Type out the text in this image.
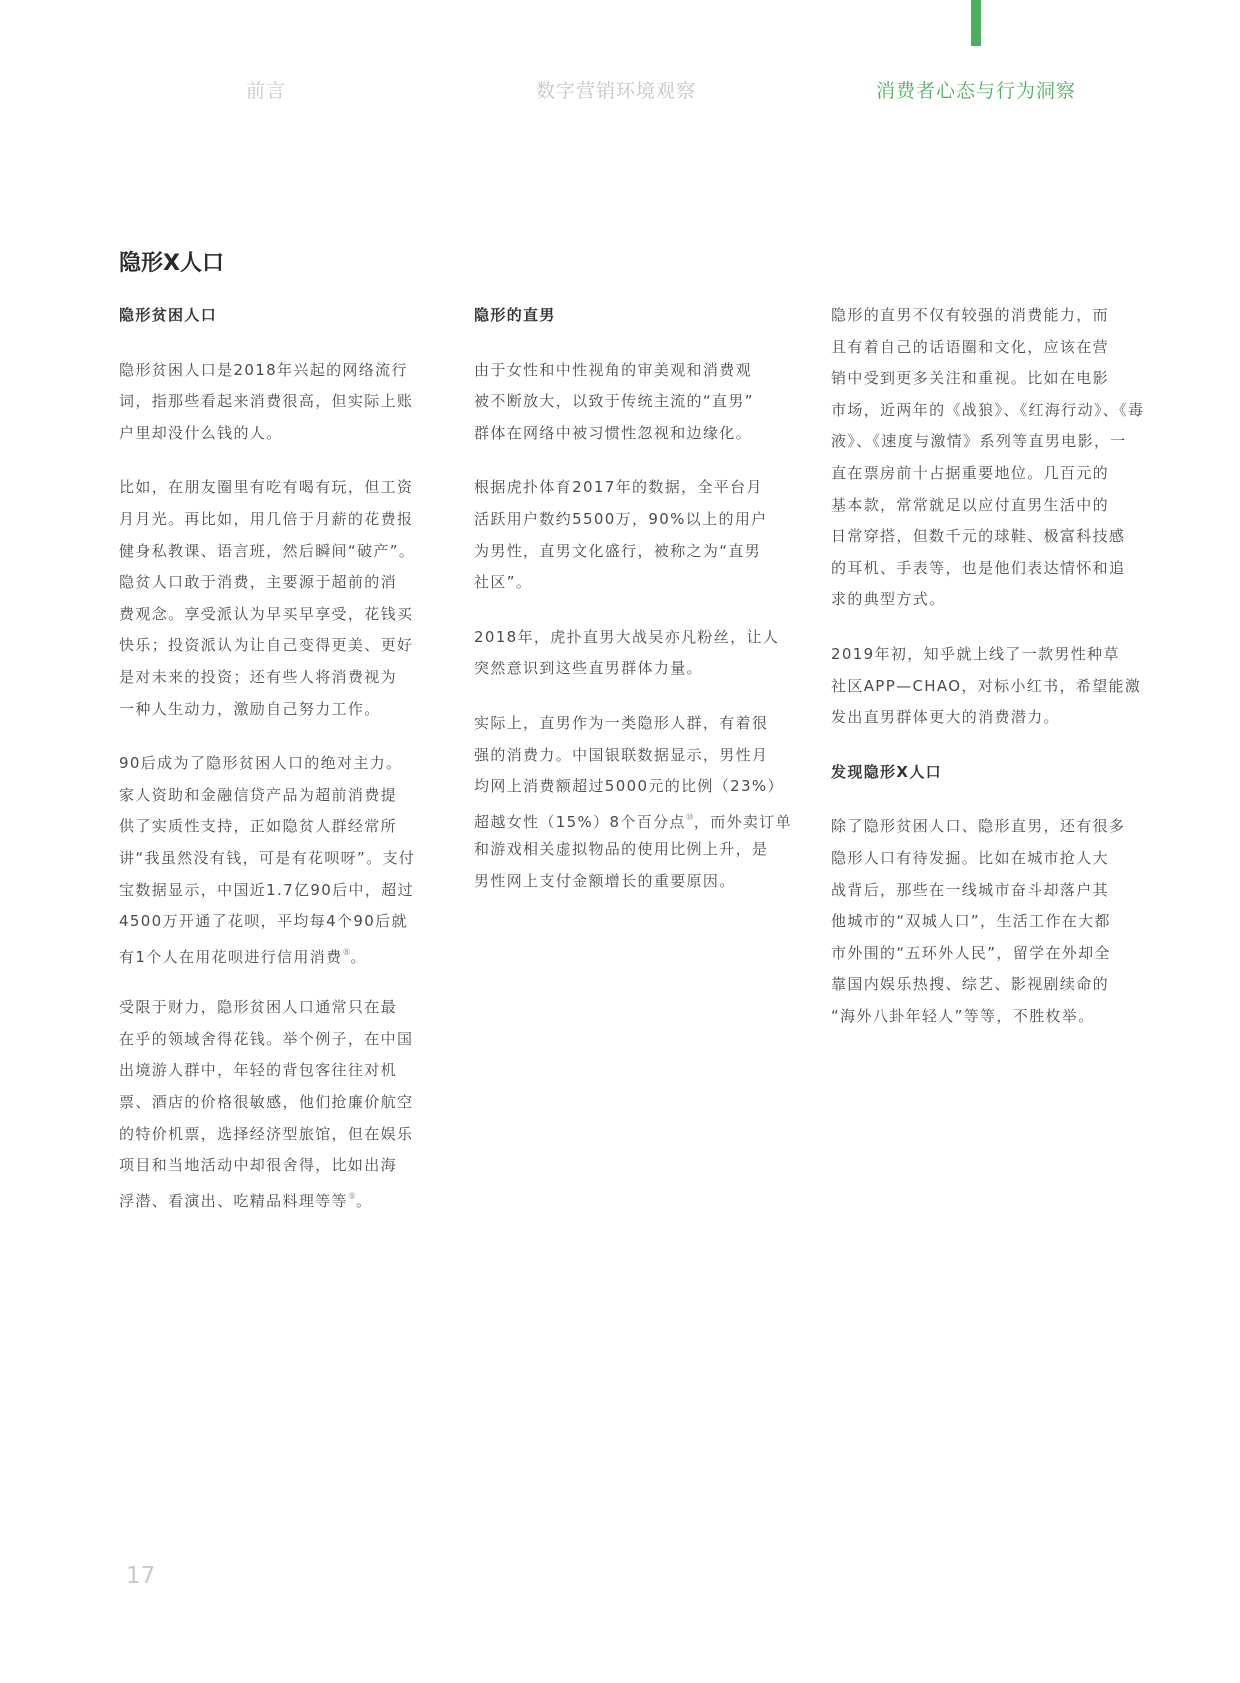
前言	数字营销环境观察	消费者心态与行为洞察
隐形X人口
隐形贫困人口
隐形贫困人口是2018年兴起的网络流行
词，指那些看起来消费很高，但实际上账
户里却没什么钱的人。
比如，在朋友圈里有吃有喝有玩，但工资
月月光。再比如，用几倍于月薪的花费报
健身私教课、语言班，然后瞬间“破产”。
隐贫人口敢于消费，主要源于超前的消
费观念。享受派认为早买早享受，花钱买
快乐；投资派认为让自己变得更美、更好
是对未来的投资；还有些人将消费视为
一种人生动力，激励自己努力工作。
90后成为了隐形贫困人口的绝对主力。
家人资助和金融信贷产品为超前消费提
供了实质性支持，正如隐贫人群经常所
讲“我虽然没有钱，可是有花呗呀”。支付
宝数据显示，中国近1.7亿90后中，超过
4500万开通了花呗，平均每4个90后就
有1个人在用花呗进行信用消费⑧。
受限于财力，隐形贫困人口通常只在最
在乎的领域舍得花钱。举个例子，在中国
出境游人群中，年轻的背包客往往对机
票、酒店的价格很敏感，他们抢廉价航空
的特价机票，选择经济型旅馆，但在娱乐
项目和当地活动中却很舍得，比如出海
浮潜、看演出、吃精品料理等等⑨。
隐形的直男
由于女性和中性视角的审美观和消费观
被不断放大，以致于传统主流的“直男”
群体在网络中被习惯性忽视和边缘化。
根据虎扑体育2017年的数据，全平台月
活跃用户数约5500万，90%以上的用户
为男性，直男文化盛行，被称之为“直男
社区”。
2018年，虎扑直男大战吴亦凡粉丝，让人
突然意识到这些直男群体力量。
实际上，直男作为一类隐形人群，有着很
强的消费力。中国银联数据显示，男性月
均网上消费额超过5000元的比例（23%）
超越女性（15%）8个百分点⑩，而外卖订单
和游戏相关虚拟物品的使用比例上升，是
男性网上支付金额增长的重要原因。
隐形的直男不仅有较强的消费能力，而
且有着自己的话语圈和文化，应该在营
销中受到更多关注和重视。比如在电影
市场，近两年的《战狼》、《红海行动》、《毒
液》、《速度与激情》系列等直男电影，一
直在票房前十占据重要地位。几百元的
基本款，常常就足以应付直男生活中的
日常穿搭，但数千元的球鞋、极富科技感
的耳机、手表等，也是他们表达情怀和追
求的典型方式。
2019年初，知乎就上线了一款男性种草
社区APP—CHAO，对标小红书，希望能激
发出直男群体更大的消费潜力。
发现隐形X人口
除了隐形贫困人口、隐形直男，还有很多
隐形人口有待发掘。比如在城市抢人大
战背后，那些在一线城市奋斗却落户其
他城市的“双城人口”，生活工作在大都
市外围的“五环外人民”，留学在外却全
靠国内娱乐热搜、综艺、影视剧续命的
“海外八卦年轻人”等等，不胜枚举。
17
